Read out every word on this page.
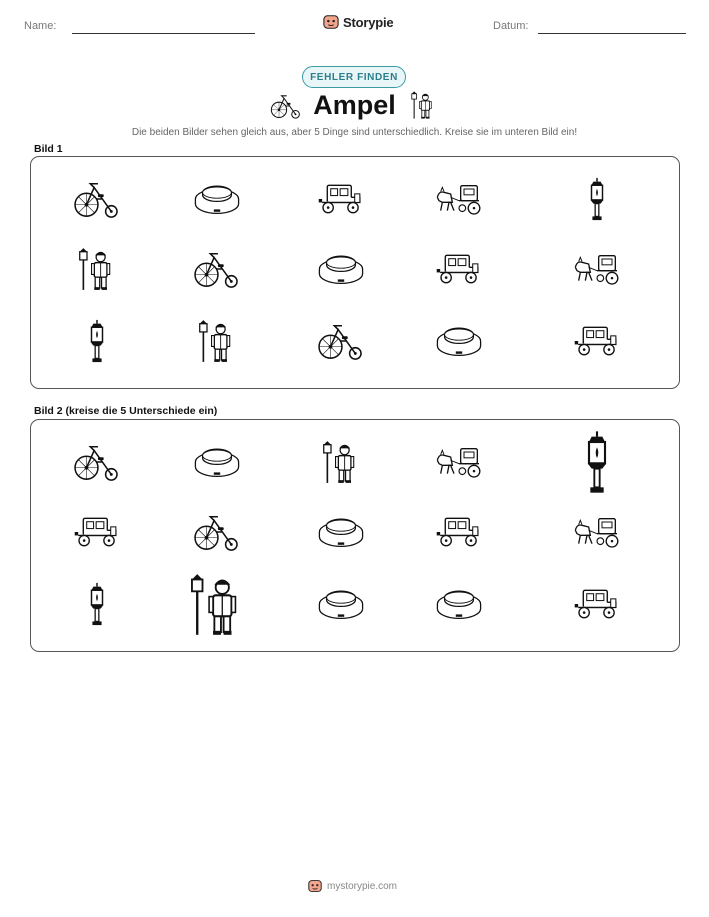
Name:	Storypie	Datum:
FEHLER FINDEN
Ampel
Die beiden Bilder sehen gleich aus, aber 5 Dinge sind unterschiedlich. Kreise sie im unteren Bild ein!
Bild 1
Bild 2 (kreise die 5 Unterschiede ein)
mystorypie.com
